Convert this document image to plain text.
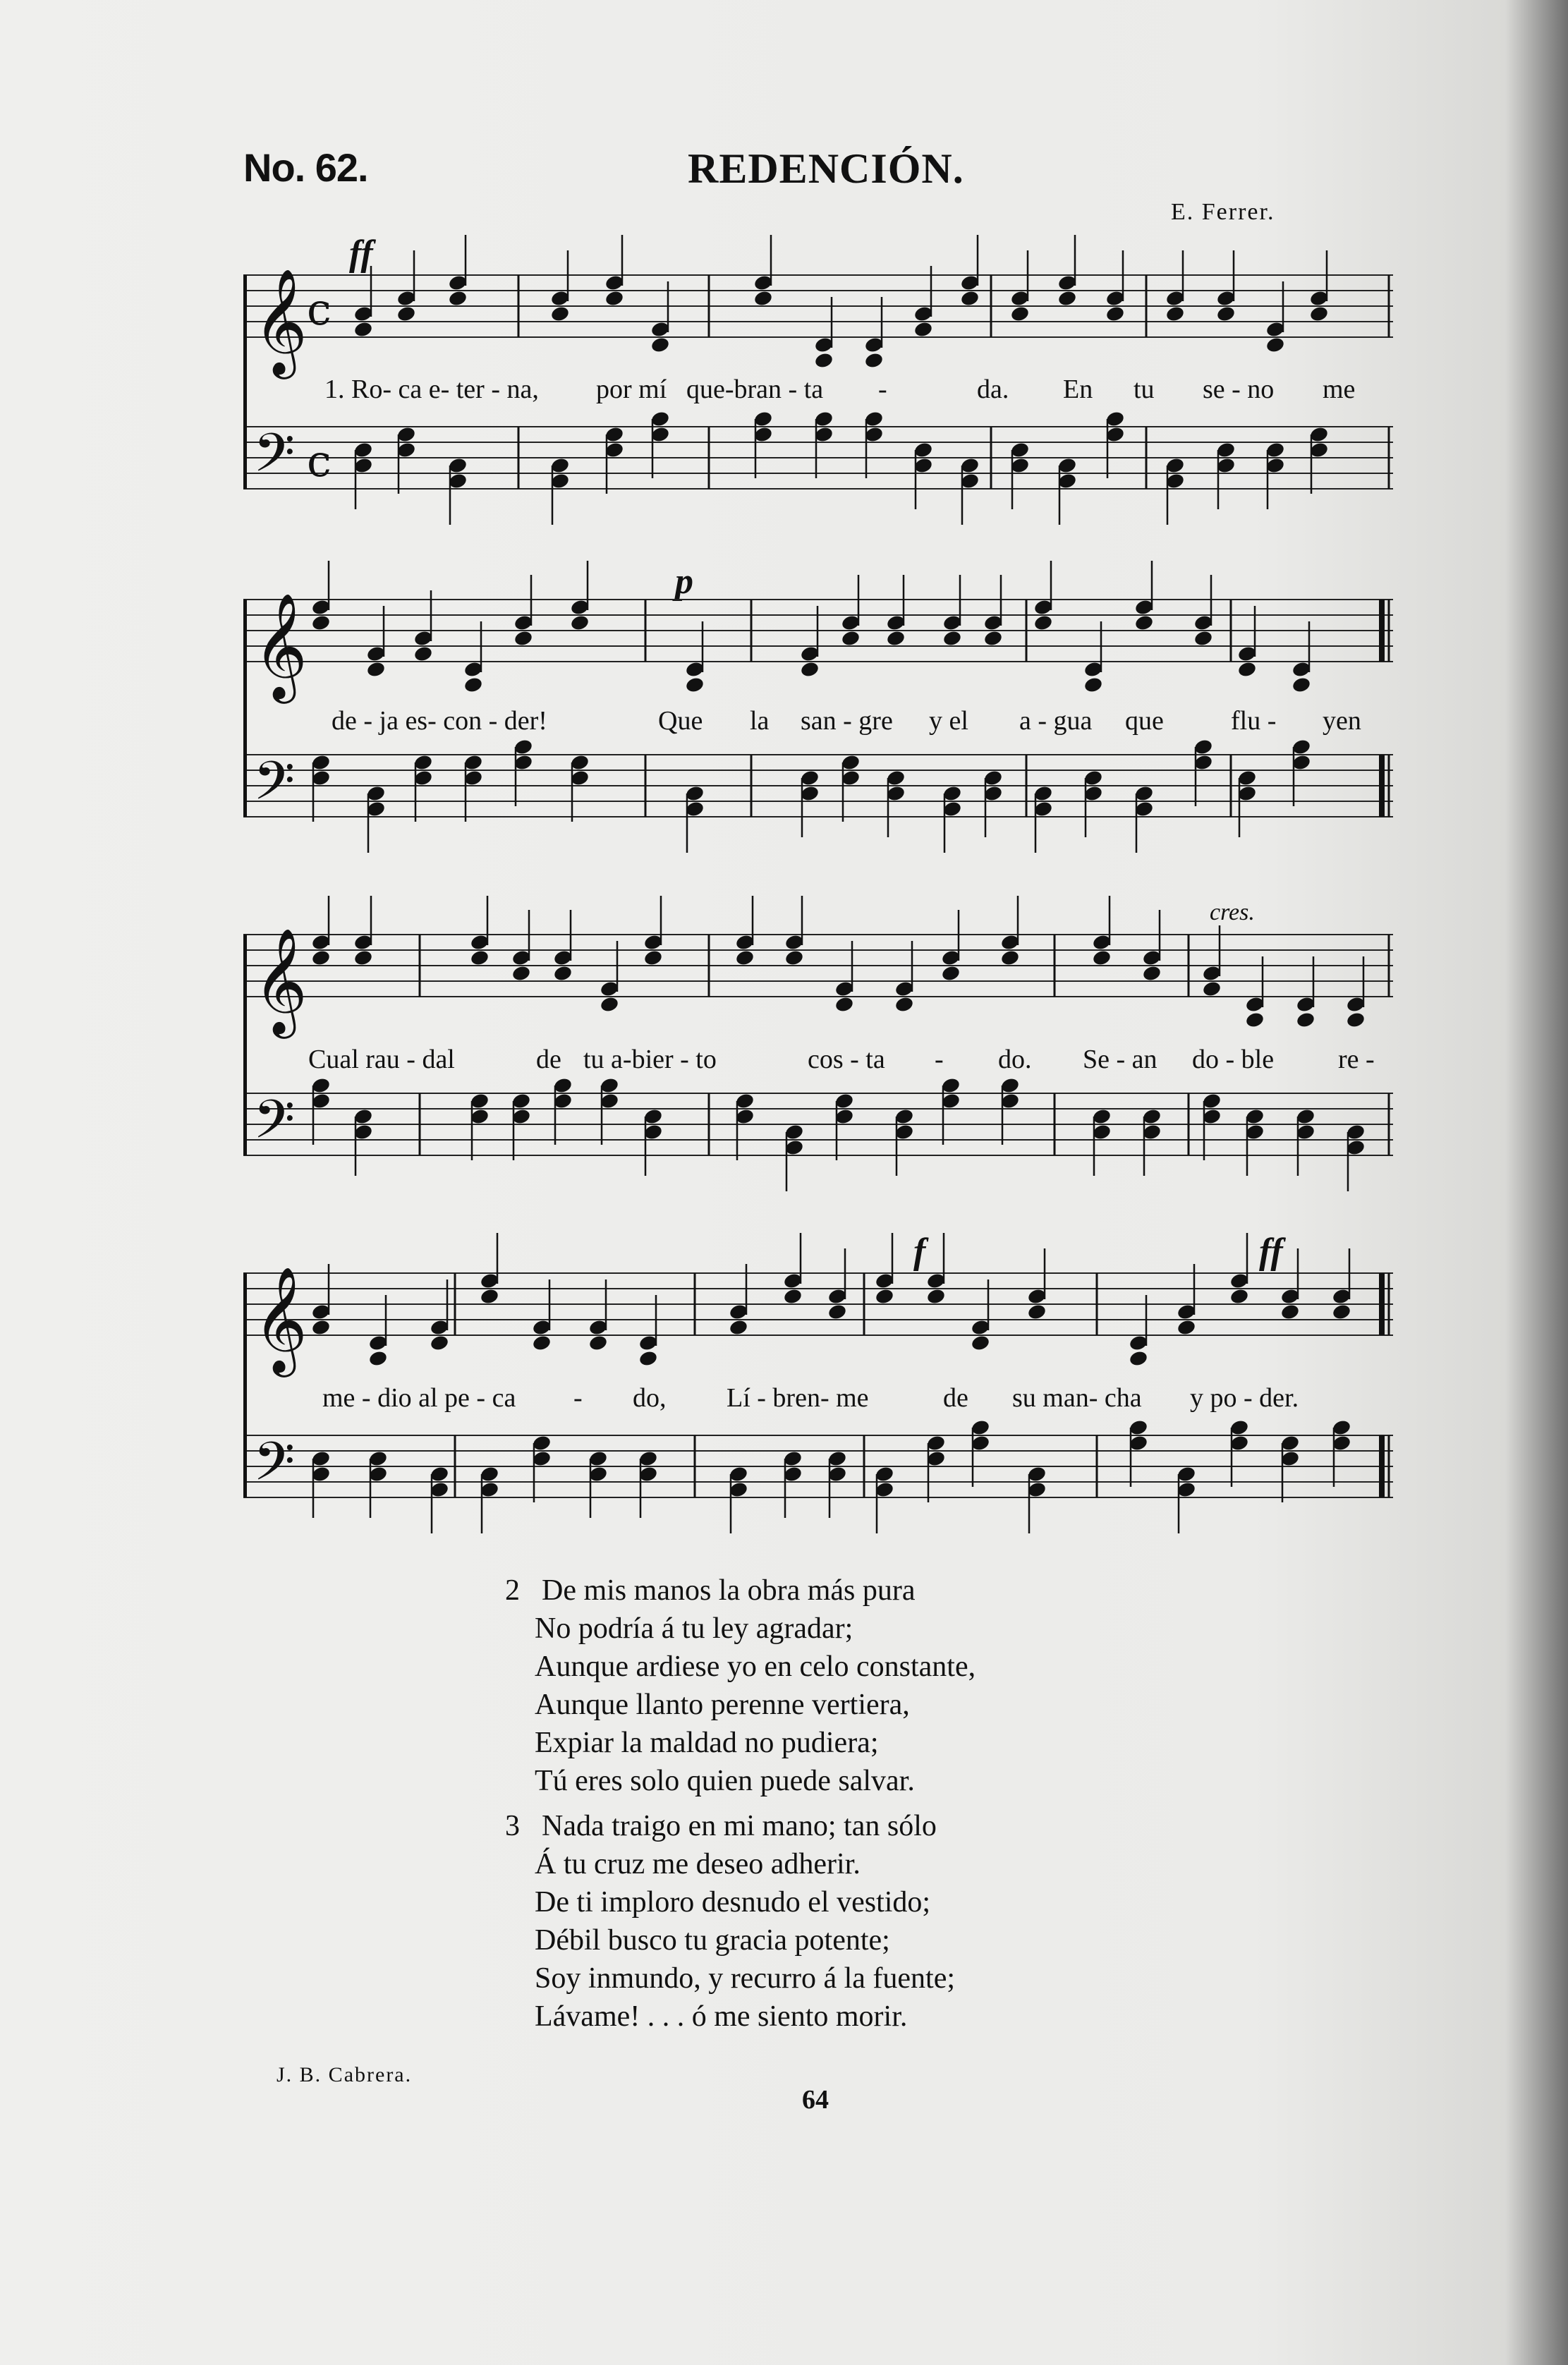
No. 62.	REDENCIÓN.
E. Ferrer.
ff
𝄞
𝄢
c
c
1. Ro- ca e- ter - na, por mí que-bran - ta -	da. En tu se - no me
p
𝄞
𝄢
de - ja es- con - der!	Que la san - gre y el a - gua que	flu - yen
cres.
𝄞
𝄢
Cual rau - dal	de tu a-bier - to	cos - ta - do. Se - an do - ble re -
f	ff
𝄞
𝄢
me - dio al pe - ca - do, Lí - bren- me	de su man- cha y po - der.
2 De mis manos la obra más pura
No podría á tu ley agradar;
Aunque ardiese yo en celo constante,
Aunque llanto perenne vertiera,
Expiar la maldad no pudiera;
Tú eres solo quien puede salvar.
3 Nada traigo en mi mano; tan sólo
Á tu cruz me deseo adherir.
De ti imploro desnudo el vestido;
Débil busco tu gracia potente;
Soy inmundo, y recurro á la fuente;
Lávame! . . . ó me siento morir.
J. B. Cabrera.
64
